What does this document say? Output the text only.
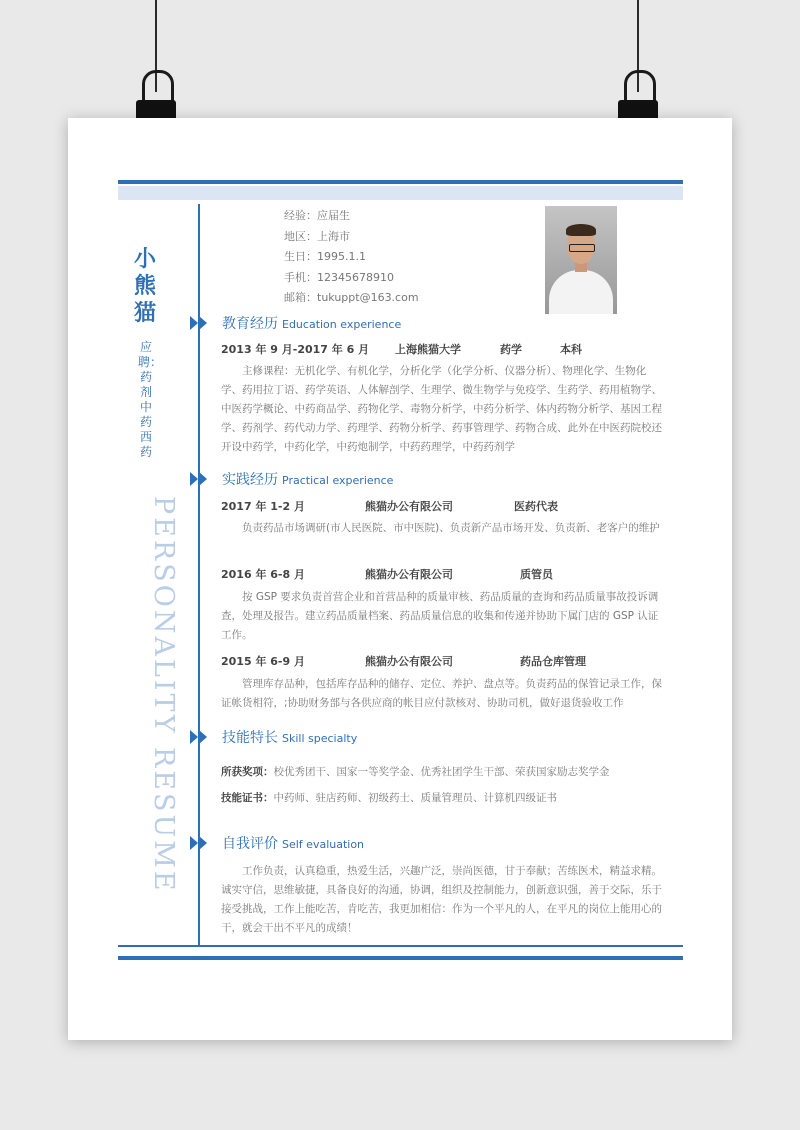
小熊猫
应聘：药剂 中药 西药
PERSONALITY RESUME
经验：应届生
地区：上海市
生日：1995.1.1
手机：12345678910
邮箱：tukuppt@163.com
教育经历 Education experience
2013 年 9 月-2017 年 6 月 上海熊猫大学	药学	本科
主修课程：无机化学、有机化学，分析化学（化学分析、仪器分析）、物理化学、生物化学、药用拉丁语、药学英语、人体解剖学、生理学、微生物学与免疫学、生药学、药用植物学、中医药学概论、中药商品学、药物化学、毒物分析学，中药分析学、体内药物分析学、基因工程学、药剂学、药代动力学、药理学、药物分析学、药事管理学、药物合成、此外在中医药院校还开设中药学，中药化学，中药炮制学，中药药理学，中药药剂学
实践经历 Practical experience
2017 年 1-2 月	熊猫办公有限公司	医药代表
负责药品市场调研(市人民医院、市中医院)、负责新产品市场开发、负责新、老客户的维护
2016 年 6-8 月	熊猫办公有限公司	质管员
按 GSP 要求负责首营企业和首营品种的质量审核、药品质量的查询和药品质量事故投诉调查，处理及报告。建立药品质量档案、药品质量信息的收集和传递并协助下属门店的 GSP 认证工作。
2015 年 6-9 月	熊猫办公有限公司	药品仓库管理
管理库存品种，包括库存品种的储存、定位、养护、盘点等。负责药品的保管记录工作，保证帐货相符，;协助财务部与各供应商的帐目应付款核对、协助司机，做好退货验收工作
技能特长 Skill specialty
所获奖项：校优秀团干、国家一等奖学金、优秀社团学生干部、荣获国家励志奖学金
技能证书：中药师、驻店药师、初级药士、质量管理员、计算机四级证书
自我评价 Self evaluation
工作负责，认真稳重，热爱生活，兴趣广泛，崇尚医德，甘于奉献；苦练医术，精益求精。诚实守信，思维敏捷，具备良好的沟通，协调，组织及控制能力，创新意识强，善于交际，乐于接受挑战，工作上能吃苦，肯吃苦，我更加相信：作为一个平凡的人，在平凡的岗位上能用心的干，就会干出不平凡的成绩！
